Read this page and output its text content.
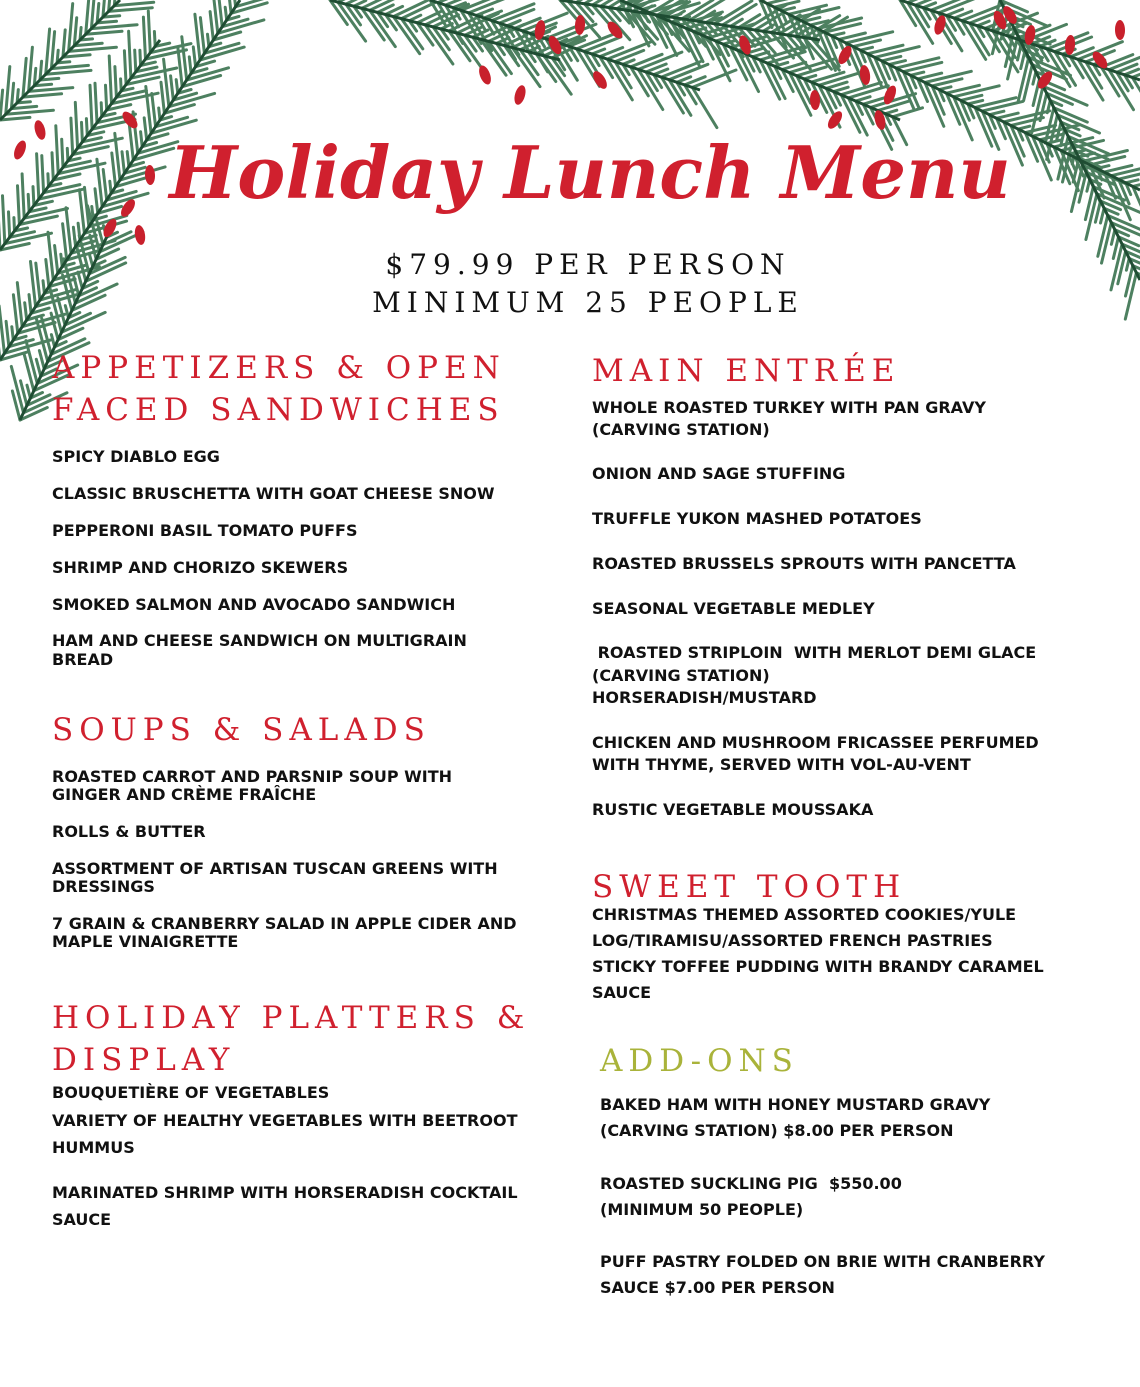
Holiday Lunch Menu
$79.99 PER PERSON
MINIMUM 25 PEOPLE

APPETIZERS & OPEN

FACED SANDWICHES

SPICY DIABLO EGG

CLASSIC BRUSCHETTA WITH GOAT CHEESE SNOW

PEPPERONI BASIL TOMATO PUFFS

SHRIMP AND CHORIZO SKEWERS

SMOKED SALMON AND AVOCADO SANDWICH

HAM AND CHEESE SANDWICH ON MULTIGRAIN

BREAD

SOUPS & SALADS

ROASTED CARROT AND PARSNIP SOUP WITH

GINGER AND CRÈME FRAÎCHE

ROLLS & BUTTER

ASSORTMENT OF ARTISAN TUSCAN GREENS WITH

DRESSINGS

7 GRAIN & CRANBERRY SALAD IN APPLE CIDER AND

MAPLE VINAIGRETTE

HOLIDAY PLATTERS &

DISPLAY

BOUQUETIÈRE OF VEGETABLES

VARIETY OF HEALTHY VEGETABLES WITH BEETROOT

HUMMUS

MARINATED SHRIMP WITH HORSERADISH COCKTAIL

SAUCE

MAIN ENTRÉE

WHOLE ROASTED TURKEY WITH PAN GRAVY

(CARVING STATION)

ONION AND SAGE STUFFING

TRUFFLE YUKON MASHED POTATOES

ROASTED BRUSSELS SPROUTS WITH PANCETTA

SEASONAL VEGETABLE MEDLEY

ROASTED STRIPLOIN  WITH MERLOT DEMI GLACE

(CARVING STATION)

HORSERADISH/MUSTARD

CHICKEN AND MUSHROOM FRICASSEE PERFUMED

WITH THYME, SERVED WITH VOL-AU-VENT

RUSTIC VEGETABLE MOUSSAKA

SWEET TOOTH

CHRISTMAS THEMED ASSORTED COOKIES/YULE

LOG/TIRAMISU/ASSORTED FRENCH PASTRIES

STICKY TOFFEE PUDDING WITH BRANDY CARAMEL

SAUCE

ADD-ONS

BAKED HAM WITH HONEY MUSTARD GRAVY

(CARVING STATION) $8.00 PER PERSON

ROASTED SUCKLING PIG  $550.00

(MINIMUM 50 PEOPLE)

PUFF PASTRY FOLDED ON BRIE WITH CRANBERRY

SAUCE $7.00 PER PERSON
